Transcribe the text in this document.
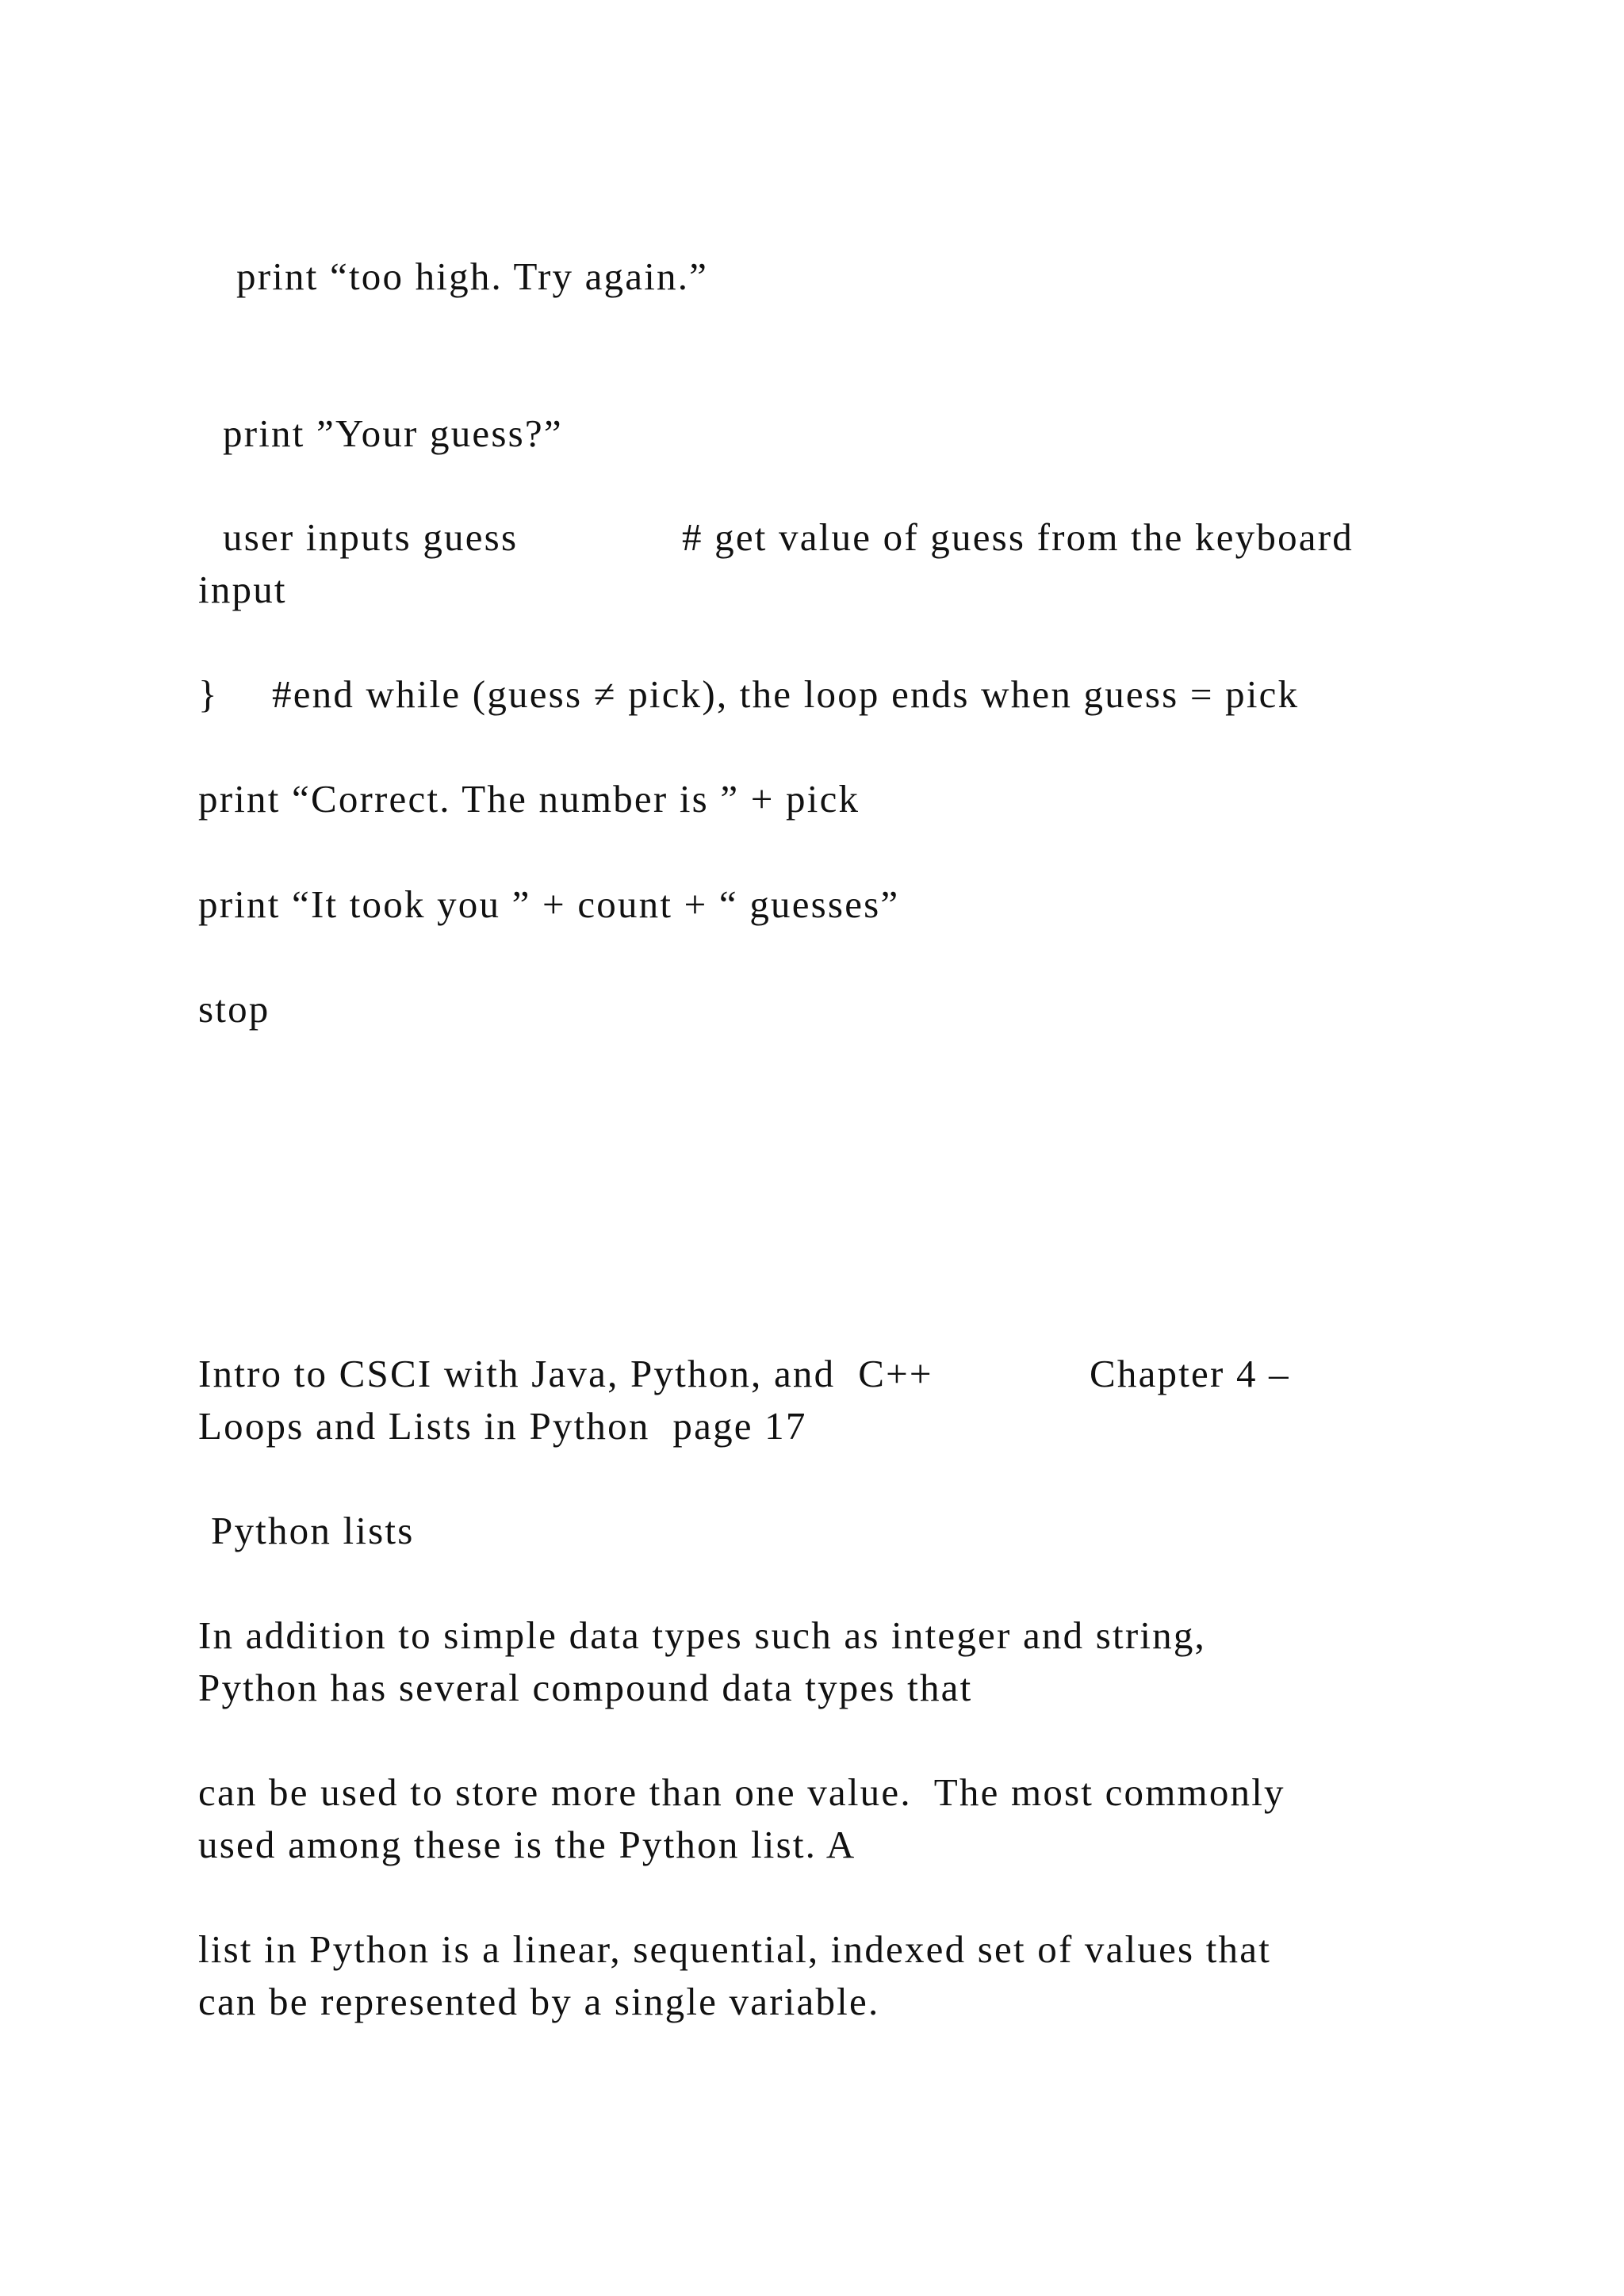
print “too high. Try again.”

print ”Your guess?”

user inputs guess	# get value of guess from the keyboard

input

} #end while (guess ≠ pick), the loop ends when guess = pick

print “Correct. The number is ” + pick

print “It took you ” + count + “ guesses”

stop

Intro to CSCI with Java, Python, and  C++	Chapter 4 –

Loops and Lists in Python  page 17

Python lists

In addition to simple data types such as integer and string,

Python has several compound data types that

can be used to store more than one value.  The most commonly

used among these is the Python list. A

list in Python is a linear, sequential, indexed set of values that

can be represented by a single variable.
